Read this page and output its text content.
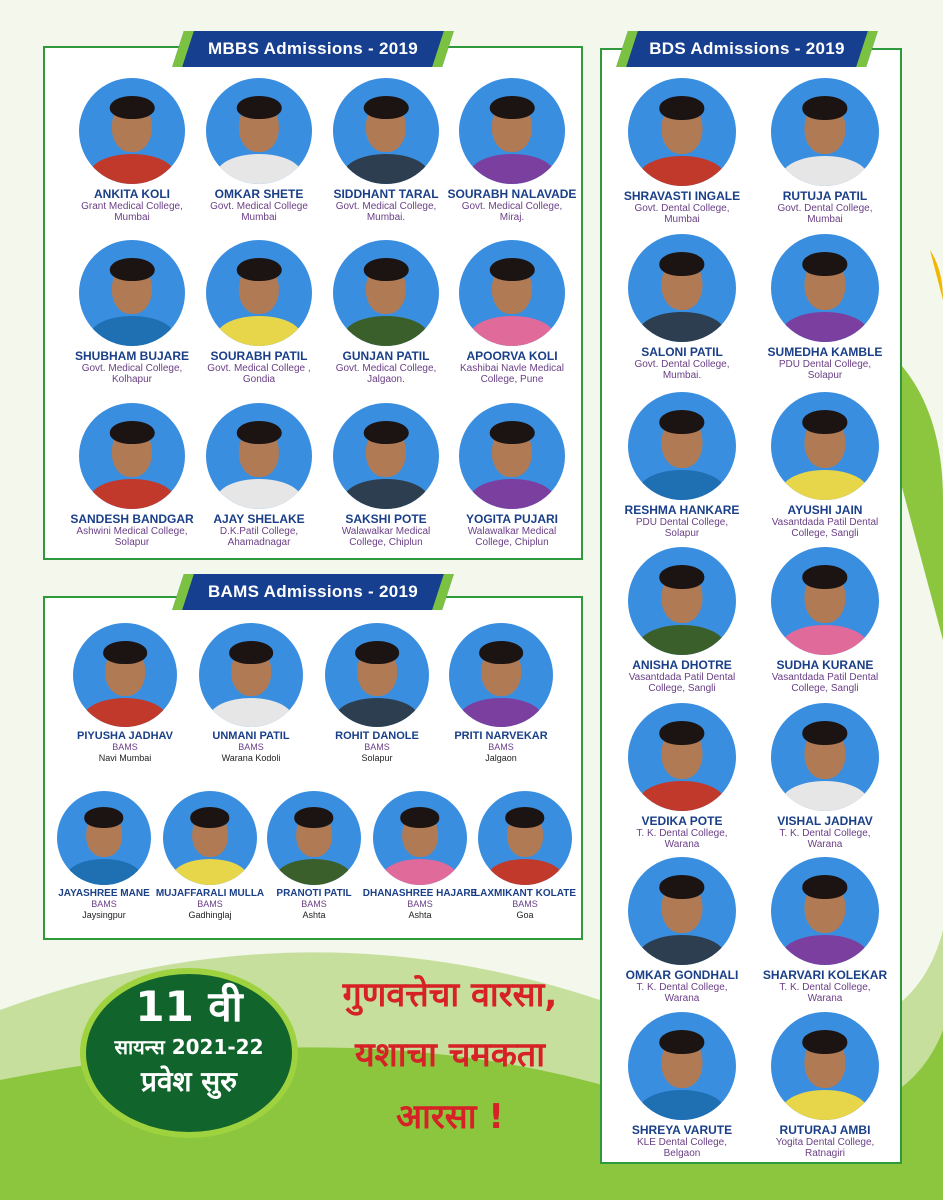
MBBS Admissions - 2019
ANKITA KOLI
Grant Medical College,
Mumbai
OMKAR SHETE
Govt. Medical College
Mumbai
SIDDHANT TARAL
Govt. Medical College,
Mumbai.
SOURABH NALAVADE
Govt. Medical College,
Miraj.
SHUBHAM BUJARE
Govt. Medical College,
Kolhapur
SOURABH PATIL
Govt. Medical College ,
Gondia
GUNJAN PATIL
Govt. Medical College,
Jalgaon.
APOORVA KOLI
Kashibai Navle Medical
College, Pune
SANDESH BANDGAR
Ashwini Medical College,
Solapur
AJAY SHELAKE
D.K.Patil College,
Ahamadnagar
SAKSHI POTE
Walawalkar Medical
College, Chiplun
YOGITA PUJARI
Walawalkar Medical
College, Chiplun
BAMS Admissions - 2019
PIYUSHA JADHAV
BAMS
Navi Mumbai
UNMANI PATIL
BAMS
Warana Kodoli
ROHIT DANOLE
BAMS
Solapur
PRITI NARVEKAR
BAMS
Jalgaon
JAYASHREE MANE
BAMS
Jaysingpur
MUJAFFARALI MULLA
BAMS
Gadhinglaj
PRANOTI PATIL
BAMS
Ashta
DHANASHREE HAJARE
BAMS
Ashta
LAXMIKANT KOLATE
BAMS
Goa
BDS Admissions - 2019
SHRAVASTI INGALE
Govt. Dental College,
Mumbai
RUTUJA PATIL
Govt. Dental College,
Mumbai
SALONI PATIL
Govt. Dental College,
Mumbai.
SUMEDHA KAMBLE
PDU Dental College,
Solapur
RESHMA HANKARE
PDU Dental College,
Solapur
AYUSHI JAIN
Vasantdada Patil Dental
College, Sangli
ANISHA DHOTRE
Vasantdada Patil Dental
College, Sangli
SUDHA KURANE
Vasantdada Patil Dental
College, Sangli
VEDIKA POTE
T. K. Dental College,
Warana
VISHAL JADHAV
T. K. Dental College,
Warana
OMKAR GONDHALI
T. K. Dental College,
Warana
SHARVARI KOLEKAR
T. K. Dental College,
Warana
SHREYA VARUTE
KLE Dental College,
Belgaon
RUTURAJ AMBI
Yogita Dental College,
Ratnagiri
11 वी
सायन्स 2021-22
प्रवेश सुरु
गुणवत्तेचा वारसा,
यशाचा चमकता
आरसा !
